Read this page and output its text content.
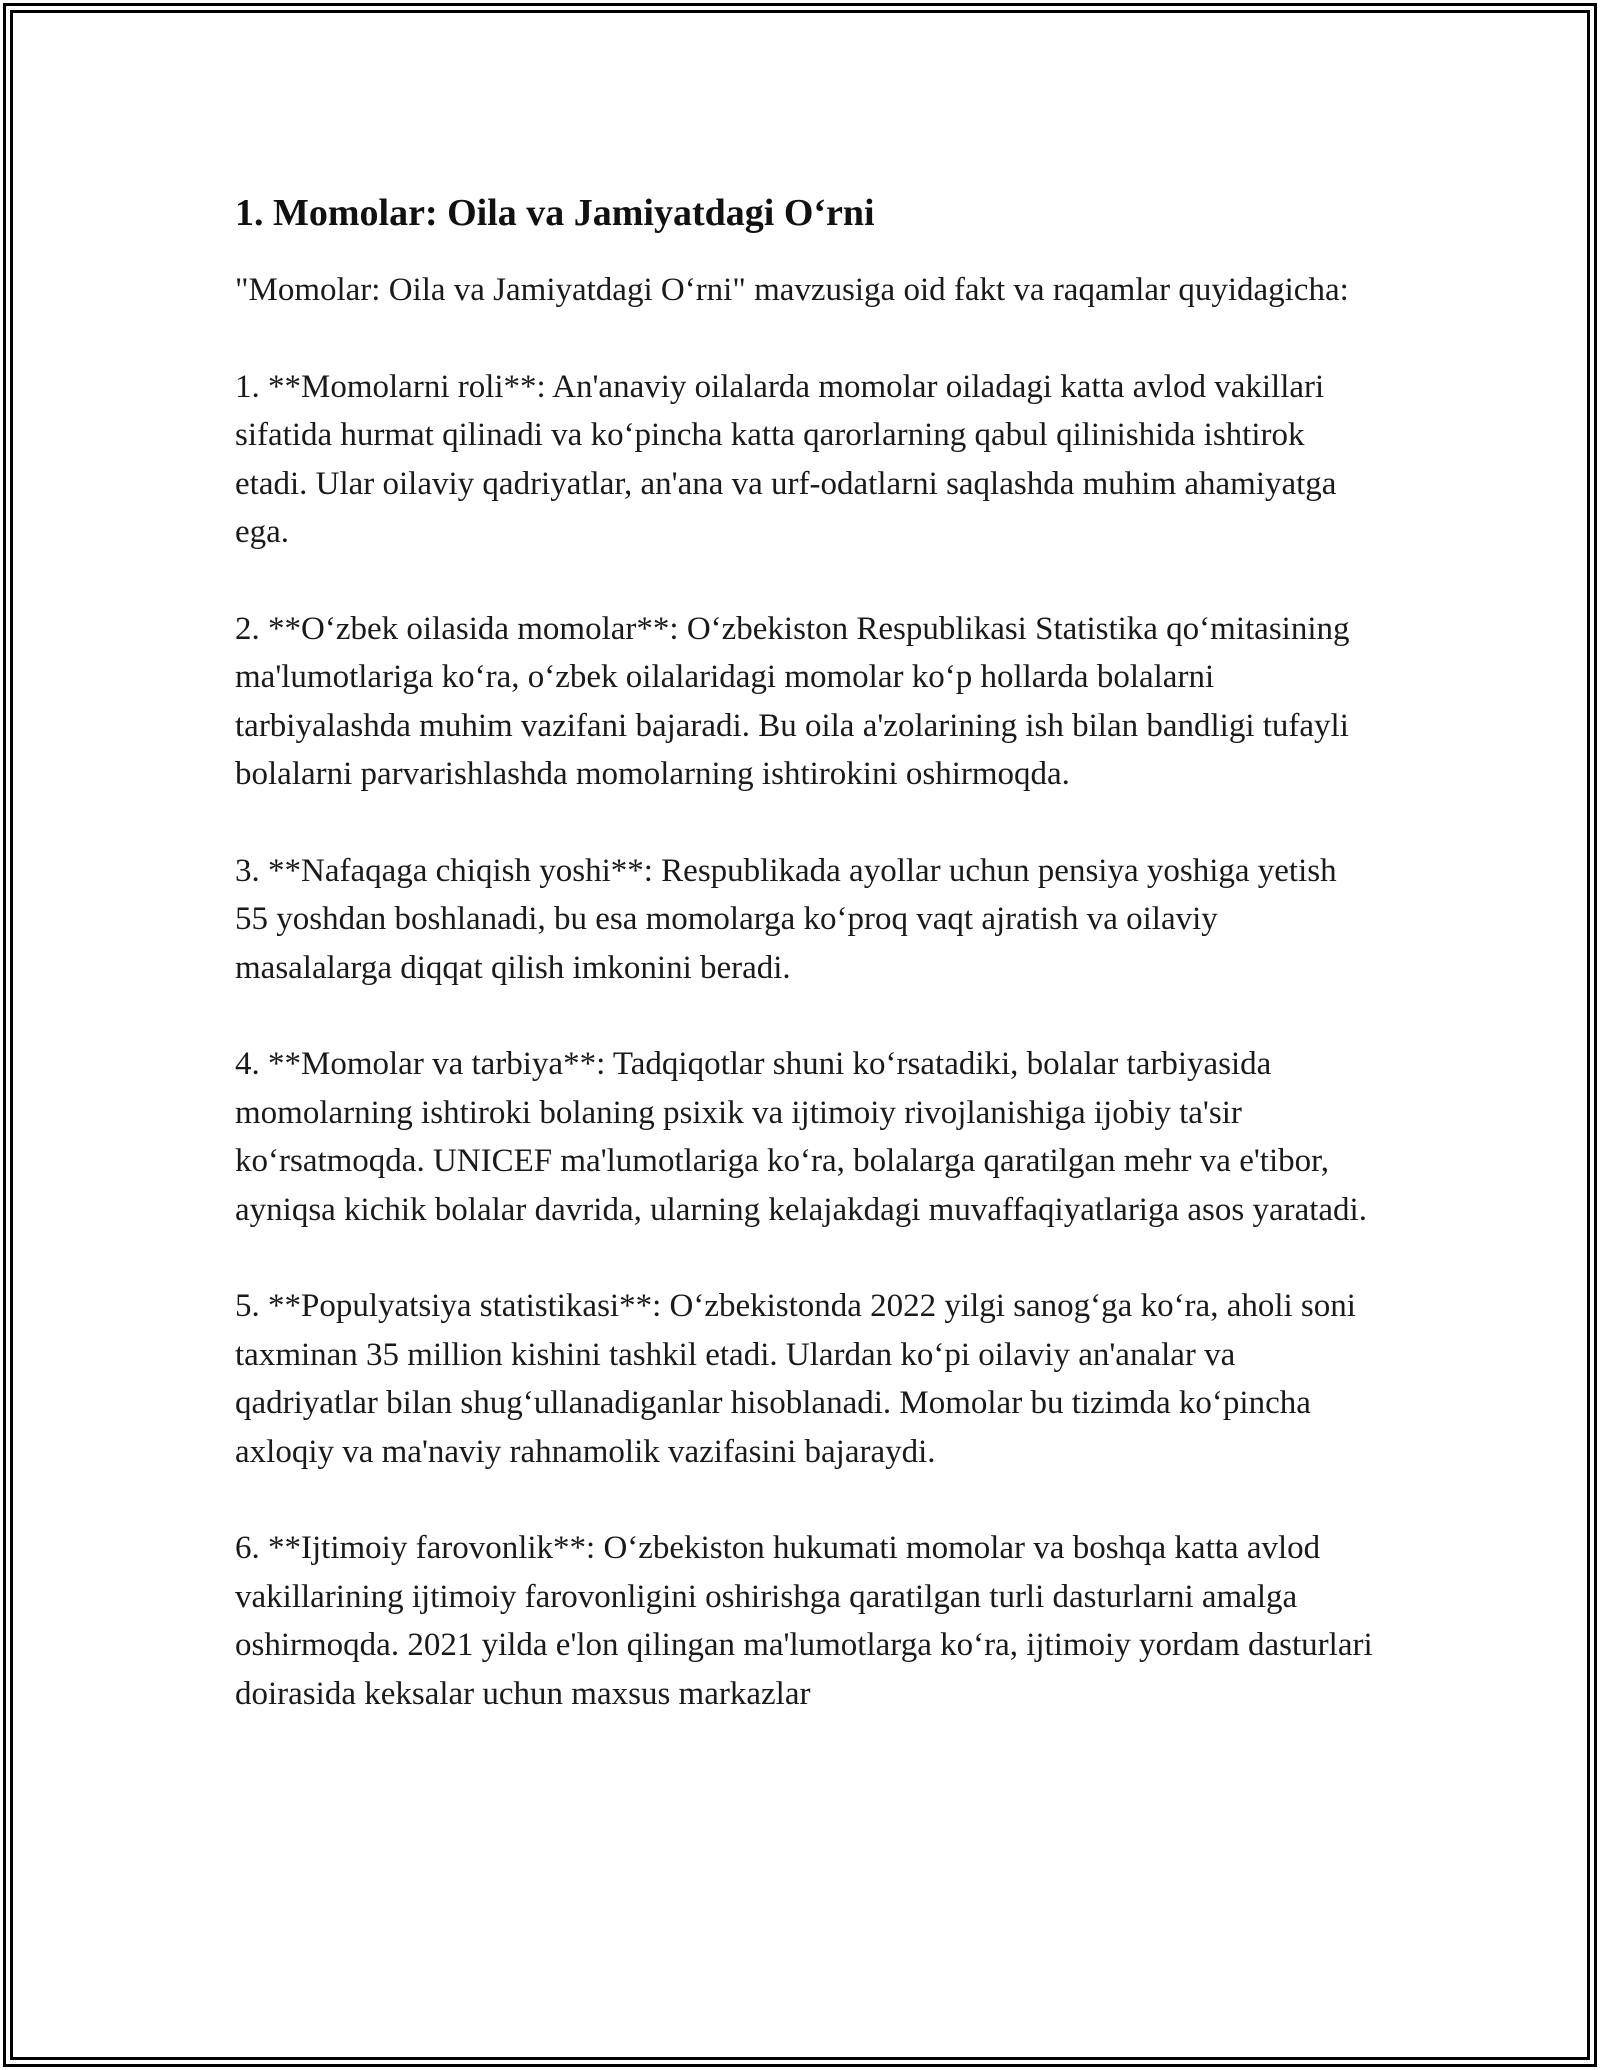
1. Momolar: Oila va Jamiyatdagi O‘rni

"Momolar: Oila va Jamiyatdagi O‘rni" mavzusiga oid fakt va raqamlar quyidagicha:

1. **Momolarni roli**: An'anaviy oilalarda momolar oiladagi katta avlod vakillari sifatida hurmat qilinadi va ko‘pincha katta qarorlarning qabul qilinishida ishtirok etadi. Ular oilaviy qadriyatlar, an'ana va urf-odatlarni saqlashda muhim ahamiyatga ega.

2. **O‘zbek oilasida momolar**: O‘zbekiston Respublikasi Statistika qo‘mitasining ma'lumotlariga ko‘ra, o‘zbek oilalaridagi momolar ko‘p hollarda bolalarni tarbiyalashda muhim vazifani bajaradi. Bu oila a'zolarining ish bilan bandligi tufayli bolalarni parvarishlashda momolarning ishtirokini oshirmoqda.

3. **Nafaqaga chiqish yoshi**: Respublikada ayollar uchun pensiya yoshiga yetish 55 yoshdan boshlanadi, bu esa momolarga ko‘proq vaqt ajratish va oilaviy masalalarga diqqat qilish imkonini beradi.

4. **Momolar va tarbiya**: Tadqiqotlar shuni ko‘rsatadiki, bolalar tarbiyasida momolarning ishtiroki bolaning psixik va ijtimoiy rivojlanishiga ijobiy ta'sir ko‘rsatmoqda. UNICEF ma'lumotlariga ko‘ra, bolalarga qaratilgan mehr va e'tibor, ayniqsa kichik bolalar davrida, ularning kelajakdagi muvaffaqiyatlariga asos yaratadi.

5. **Populyatsiya statistikasi**: O‘zbekistonda 2022 yilgi sanog‘ga ko‘ra, aholi soni taxminan 35 million kishini tashkil etadi. Ulardan ko‘pi oilaviy an'analar va qadriyatlar bilan shug‘ullanadiganlar hisoblanadi. Momolar bu tizimda ko‘pincha axloqiy va ma'naviy rahnamolik vazifasini bajaraydi.

6. **Ijtimoiy farovonlik**: O‘zbekiston hukumati momolar va boshqa katta avlod vakillarining ijtimoiy farovonligini oshirishga qaratilgan turli dasturlarni amalga oshirmoqda. 2021 yilda e'lon qilingan ma'lumotlarga ko‘ra, ijtimoiy yordam dasturlari doirasida keksalar uchun maxsus markazlar
